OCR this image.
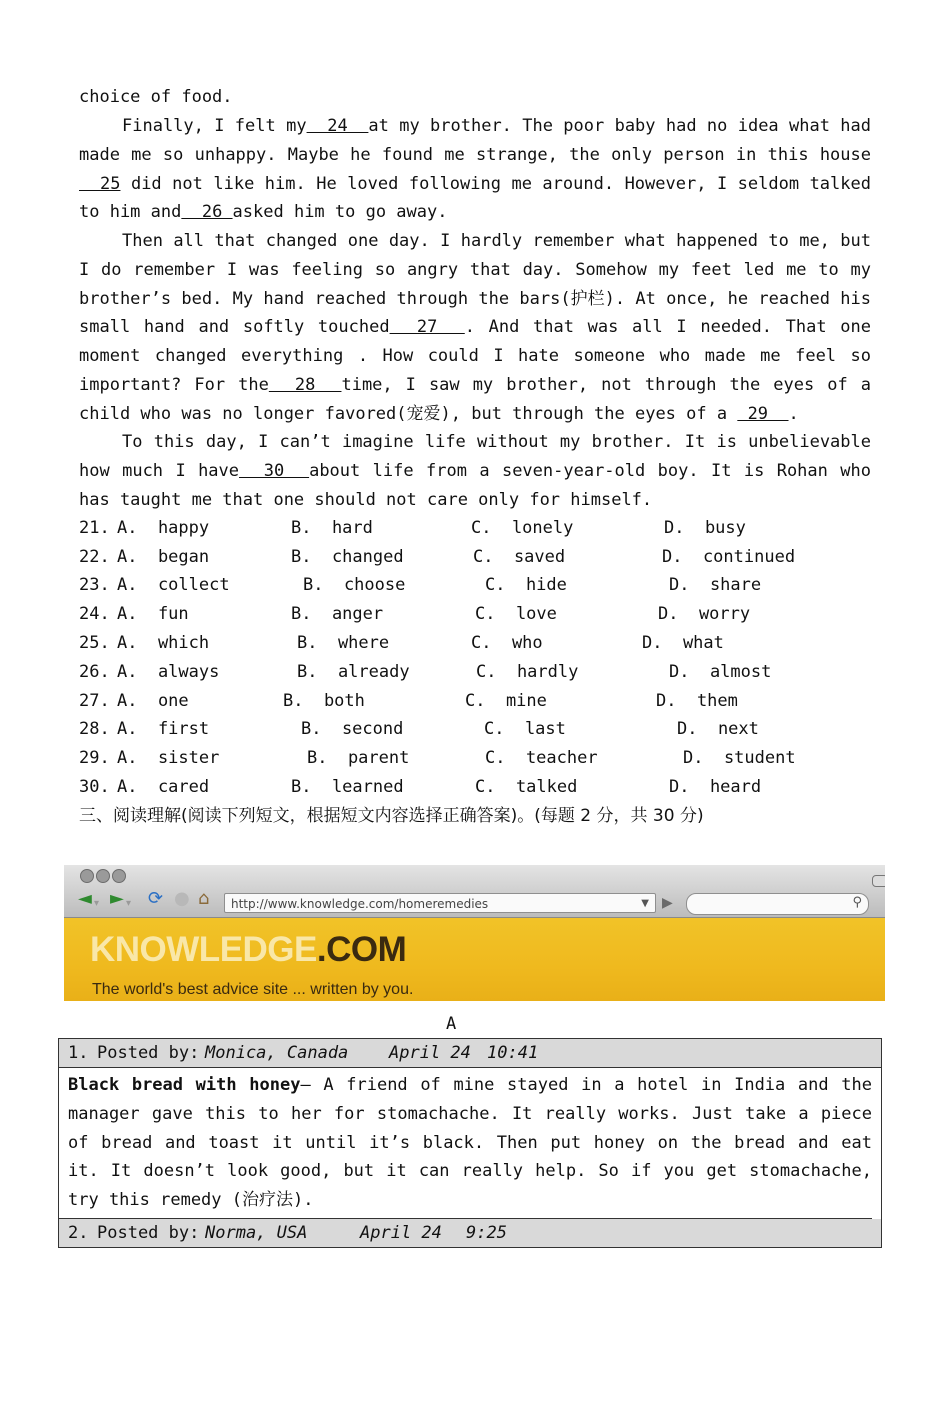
choice of food.

Finally, I felt my  24  at my brother. The poor baby had no idea what had made me so unhappy. Maybe he found me strange, the only person in this house  25 did not like him. He loved following me around. However, I seldom talked to him and  26 asked him to go away.

Then all that changed one day. I hardly remember what happened to me, but I do remember I was feeling so angry that day. Somehow my feet led me to my brother’s bed. My hand reached through the bars(护栏). At once, he reached his small hand and softly touched  27  . And that was all I needed. That one moment changed everything . How could I hate someone who made me feel so important? For the  28  time, I saw my brother, not through the eyes of a child who was no longer favored(宠爱), but through the eyes of a  29  .

To this day, I can’t imagine life without my brother. It is unbelievable how much I have  30  about life from a seven-year-old boy. It is Rohan who has taught me that one should not care only for himself.

21. A.  happy	B.  hard	C.  lonely	D.  busy
22. A.  began	B.  changed	C.  saved	D.  continued
23. A.  collect	B.  choose	C.  hide	D.  share
24. A.  fun	B.  anger	C.  love	D.  worry
25. A.  which	B.  where	C.  who	D.  what
26. A.  always	B.  already	C.  hardly	D.  almost
27. A.  one	B.  both	C.  mine	D.  them
28. A.  first	B.  second	C.  last	D.  next
29. A.  sister	B.  parent	C.  teacher	D.  student
30. A.  cared	B.  learned	C.  talked	D.  heard
三、阅读理解(阅读下列短文，根据短文内容选择正确答案)。(每题 2 分，共 30 分)
◄ ▾ ► ▾ ⟳ ● ⌂	http://www.knowledge.com/homeremedies	▼ ▶	⚲
KNOWLEDGE.COM
The world's best advice site ... written by you.
A

1.

Posted by:

Monica, Canada

April 24

10:41

Black bread with honey— A friend of mine stayed in a hotel in India and the manager gave this to her for stomachache. It really works. Just take a piece of bread and toast it until it’s black. Then put honey on the bread and eat it. It doesn’t look good, but it can really help. So if you get stomachache, try this remedy (治疗法).

2.

Posted by:

Norma, USA

	April 24

9:25
